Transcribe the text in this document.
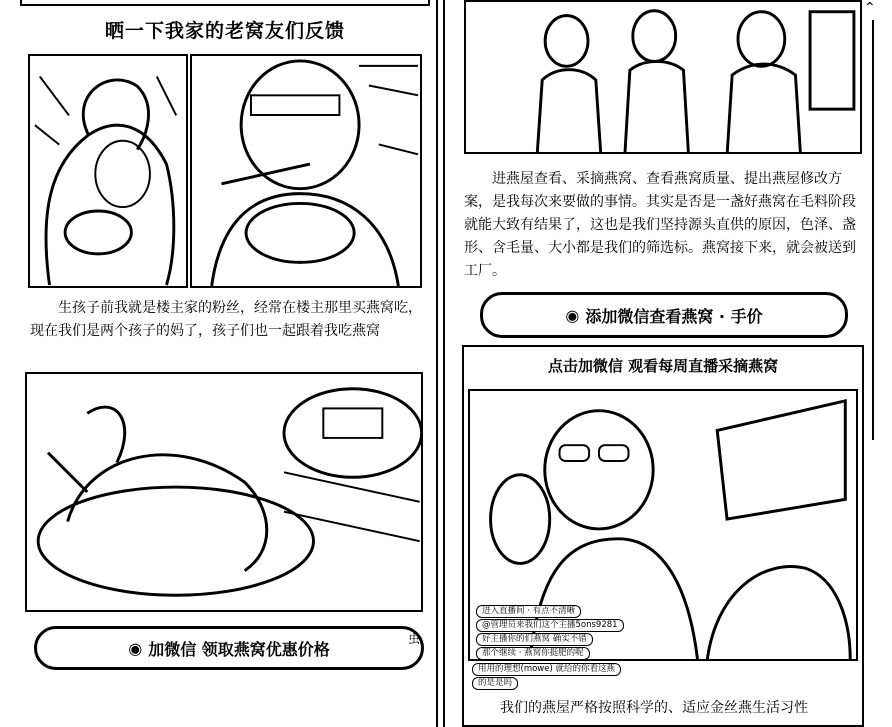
晒一下我家的老窝友们反馈
生孩子前我就是楼主家的粉丝，经常在楼主那里买燕窝吃，现在我们是两个孩子的妈了，孩子们也一起跟着我吃燕窝
◉ 加微信 领取燕窝优惠价格
虫
进燕屋查看、采摘燕窝、查看燕窝质量、提出燕屋修改方案，是我每次来要做的事情。其实是否是一盏好燕窝在毛料阶段就能大致有结果了，这也是我们坚持源头直供的原因，色泽、盏形、含毛量、大小都是我们的筛选标。燕窝接下来，就会被送到工厂。
◉ 添加微信查看燕窝 · 手价
点击加微信 观看每周直播采摘燕窝
进入直播间 · 有点不清晰
@管理员来我们这个主播5ons9281
好主播你的们燕窝 确实不错
那个继续 · 燕窝你挺肥的呢
用用的理想(mowe) 就给的你看这燕
的是是吗
我们的燕屋严格按照科学的、适应金丝燕生活习性
⌃
